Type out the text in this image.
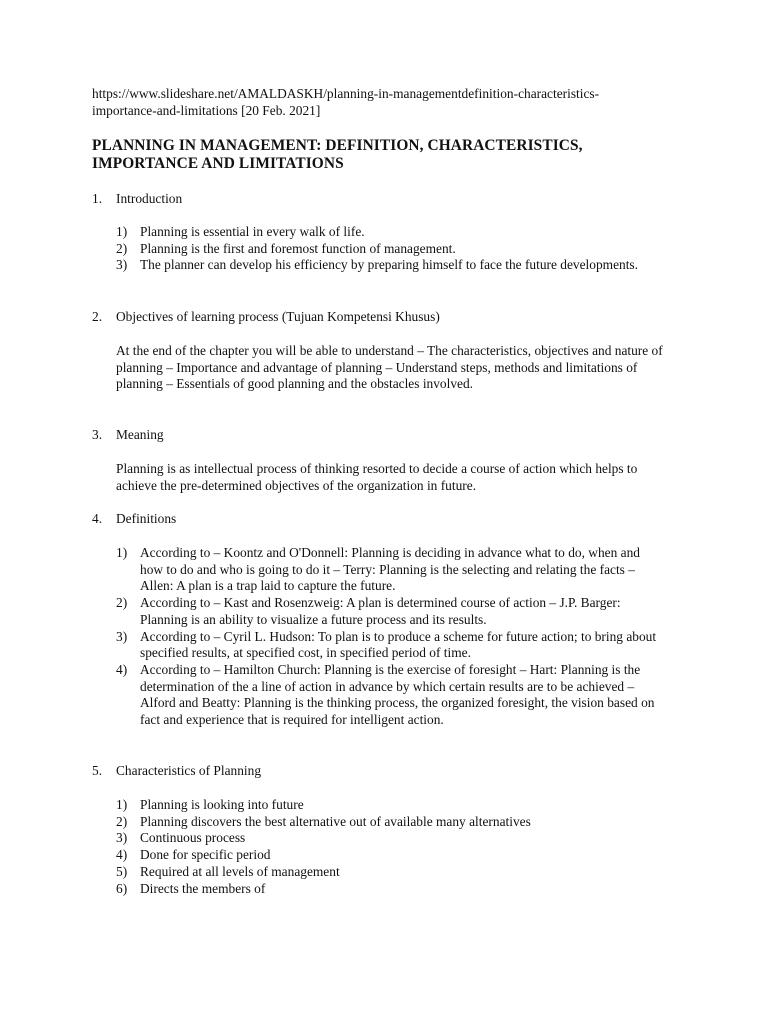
https://www.slideshare.net/AMALDASKH/planning-in-managementdefinition-characteristics-importance-and-limitations [20 Feb. 2021]

PLANNING IN MANAGEMENT: DEFINITION, CHARACTERISTICS, IMPORTANCE AND LIMITATIONS

1. Introduction

1) Planning is essential in every walk of life.
2) Planning is the first and foremost function of management.
3) The planner can develop his efficiency by preparing himself to face the future developments.

2. Objectives of learning process (Tujuan Kompetensi Khusus)

At the end of the chapter you will be able to understand – The characteristics, objectives and nature of planning – Importance and advantage of planning – Understand steps, methods and limitations of planning – Essentials of good planning and the obstacles involved.

3. Meaning

Planning is as intellectual process of thinking resorted to decide a course of action which helps to achieve the pre-determined objectives of the organization in future.

4. Definitions

1) According to – Koontz and O'Donnell: Planning is deciding in advance what to do, when and how to do and who is going to do it – Terry: Planning is the selecting and relating the facts – Allen: A plan is a trap laid to capture the future.
2) According to – Kast and Rosenzweig: A plan is determined course of action – J.P. Barger: Planning is an ability to visualize a future process and its results.
3) According to – Cyril L. Hudson: To plan is to produce a scheme for future action; to bring about specified results, at specified cost, in specified period of time.
4) According to – Hamilton Church: Planning is the exercise of foresight – Hart: Planning is the determination of the a line of action in advance by which certain results are to be achieved – Alford and Beatty: Planning is the thinking process, the organized foresight, the vision based on fact and experience that is required for intelligent action.

5. Characteristics of Planning

1) Planning is looking into future
2) Planning discovers the best alternative out of available many alternatives
3) Continuous process
4) Done for specific period
5) Required at all levels of management
6) Directs the members of
